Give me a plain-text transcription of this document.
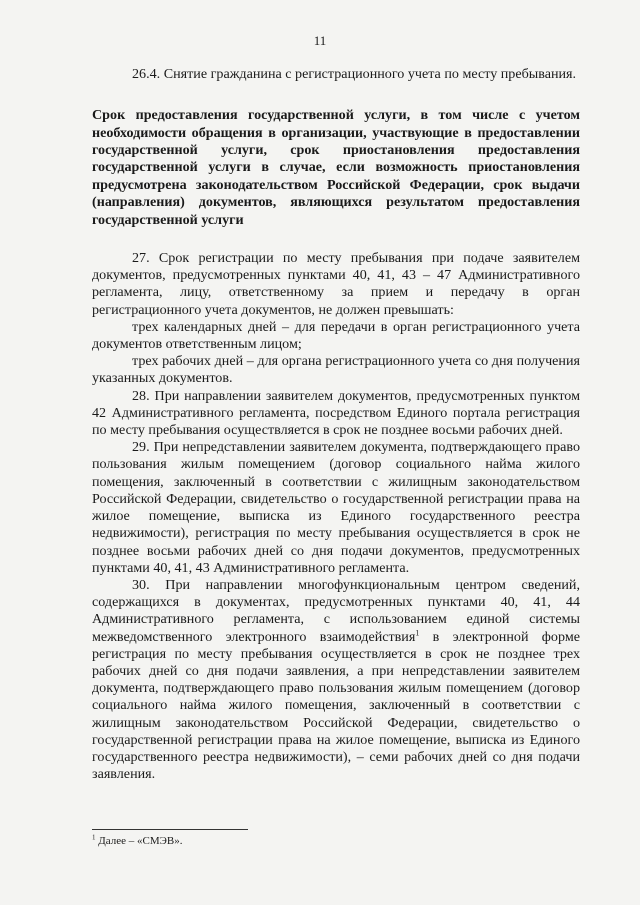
11

26.4. Снятие гражданина с регистрационного учета по месту пребывания.

Срок предоставления государственной услуги, в том числе с учетом необходимости обращения в организации, участвующие в предоставлении государственной услуги, срок приостановления предоставления государственной услуги в случае, если возможность приостановления предусмотрена законодательством Российской Федерации, срок выдачи (направления) документов, являющихся результатом предоставления государственной услуги

27. Срок регистрации по месту пребывания при подаче заявителем документов, предусмотренных пунктами 40, 41, 43 – 47 Административного регламента, лицу, ответственному за прием и передачу в орган регистрационного учета документов, не должен превышать:

трех календарных дней – для передачи в орган регистрационного учета документов ответственным лицом;

трех рабочих дней – для органа регистрационного учета со дня получения указанных документов.

28. При направлении заявителем документов, предусмотренных пунктом 42 Административного регламента, посредством Единого портала регистрация по месту пребывания осуществляется в срок не позднее восьми рабочих дней.

29. При непредставлении заявителем документа, подтверждающего право пользования жилым помещением (договор социального найма жилого помещения, заключенный в соответствии с жилищным законодательством Российской Федерации, свидетельство о государственной регистрации права на жилое помещение, выписка из Единого государственного реестра недвижимости), регистрация по месту пребывания осуществляется в срок не позднее восьми рабочих дней со дня подачи документов, предусмотренных пунктами 40, 41, 43 Административного регламента.

30. При направлении многофункциональным центром сведений, содержащихся в документах, предусмотренных пунктами 40, 41, 44 Административного регламента, с использованием единой системы межведомственного электронного взаимодействия$^1$ в электронной форме регистрация по месту пребывания осуществляется в срок не позднее трех рабочих дней со дня подачи заявления, а при непредставлении заявителем документа, подтверждающего право пользования жилым помещением (договор социального найма жилого помещения, заключенный в соответствии с жилищным законодательством Российской Федерации, свидетельство о государственной регистрации права на жилое помещение, выписка из Единого государственного реестра недвижимости), – семи рабочих дней со дня подачи заявления.

$^1$ Далее – «СМЭВ».
